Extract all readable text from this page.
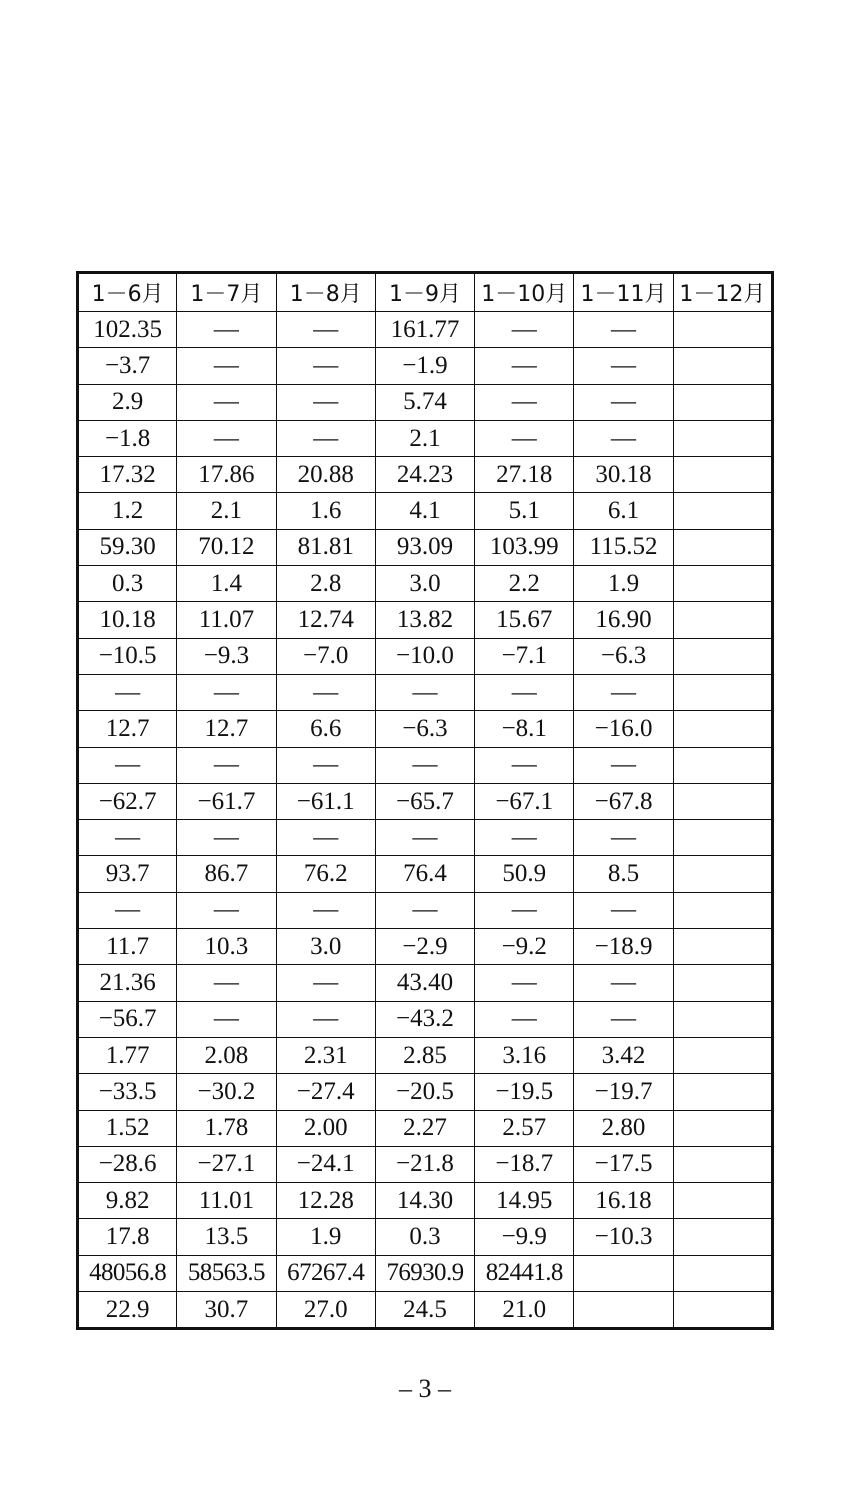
1－6月	1－7月	1－8月	1－9月	1－10月	1－11月	1－12月
102.35	—	—	161.77	—	—	
−3.7	—	—	−1.9	—	—	
2.9	—	—	5.74	—	—	
−1.8	—	—	2.1	—	—	
17.32	17.86	20.88	24.23	27.18	30.18	
1.2	2.1	1.6	4.1	5.1	6.1	
59.30	70.12	81.81	93.09	103.99	115.52	
0.3	1.4	2.8	3.0	2.2	1.9	
10.18	11.07	12.74	13.82	15.67	16.90	
−10.5	−9.3	−7.0	−10.0	−7.1	−6.3	
—	—	—	—	—	—	
12.7	12.7	6.6	−6.3	−8.1	−16.0	
—	—	—	—	—	—	
−62.7	−61.7	−61.1	−65.7	−67.1	−67.8	
—	—	—	—	—	—	
93.7	86.7	76.2	76.4	50.9	8.5	
—	—	—	—	—	—	
11.7	10.3	3.0	−2.9	−9.2	−18.9	
21.36	—	—	43.40	—	—	
−56.7	—	—	−43.2	—	—	
1.77	2.08	2.31	2.85	3.16	3.42	
−33.5	−30.2	−27.4	−20.5	−19.5	−19.7	
1.52	1.78	2.00	2.27	2.57	2.80	
−28.6	−27.1	−24.1	−21.8	−18.7	−17.5	
9.82	11.01	12.28	14.30	14.95	16.18	
17.8	13.5	1.9	0.3	−9.9	−10.3	
48056.8	58563.5	67267.4	76930.9	82441.8		
22.9	30.7	27.0	24.5	21.0		
– 3 –
